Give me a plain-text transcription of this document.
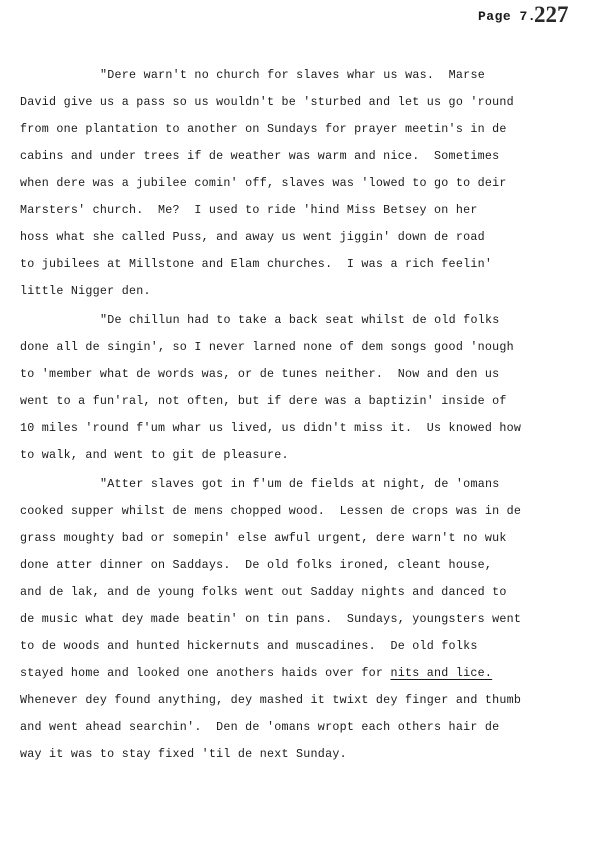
Page 7.
227
"Dere warn't no church for slaves whar us was.  Marse
David give us a pass so us wouldn't be 'sturbed and let us go 'round
from one plantation to another on Sundays for prayer meetin's in de
cabins and under trees if de weather was warm and nice.  Sometimes
when dere was a jubilee comin' off, slaves was 'lowed to go to deir
Marsters' church.  Me?  I used to ride 'hind Miss Betsey on her
hoss what she called Puss, and away us went jiggin' down de road
to jubilees at Millstone and Elam churches.  I was a rich feelin'
little Nigger den.
"De chillun had to take a back seat whilst de old folks
done all de singin', so I never larned none of dem songs good 'nough
to 'member what de words was, or de tunes neither.  Now and den us
went to a fun'ral, not often, but if dere was a baptizin' inside of
10 miles 'round f'um whar us lived, us didn't miss it.  Us knowed how
to walk, and went to git de pleasure.
"Atter slaves got in f'um de fields at night, de 'omans
cooked supper whilst de mens chopped wood.  Lessen de crops was in de
grass moughty bad or somepin' else awful urgent, dere warn't no wuk
done atter dinner on Saddays.  De old folks ironed, cleant house,
and de lak, and de young folks went out Sadday nights and danced to
de music what dey made beatin' on tin pans.  Sundays, youngsters went
to de woods and hunted hickernuts and muscadines.  De old folks
stayed home and looked one anothers haids over for nits and lice.
Whenever dey found anything, dey mashed it twixt dey finger and thumb
and went ahead searchin'.  Den de 'omans wropt each others hair de
way it was to stay fixed 'til de next Sunday.
